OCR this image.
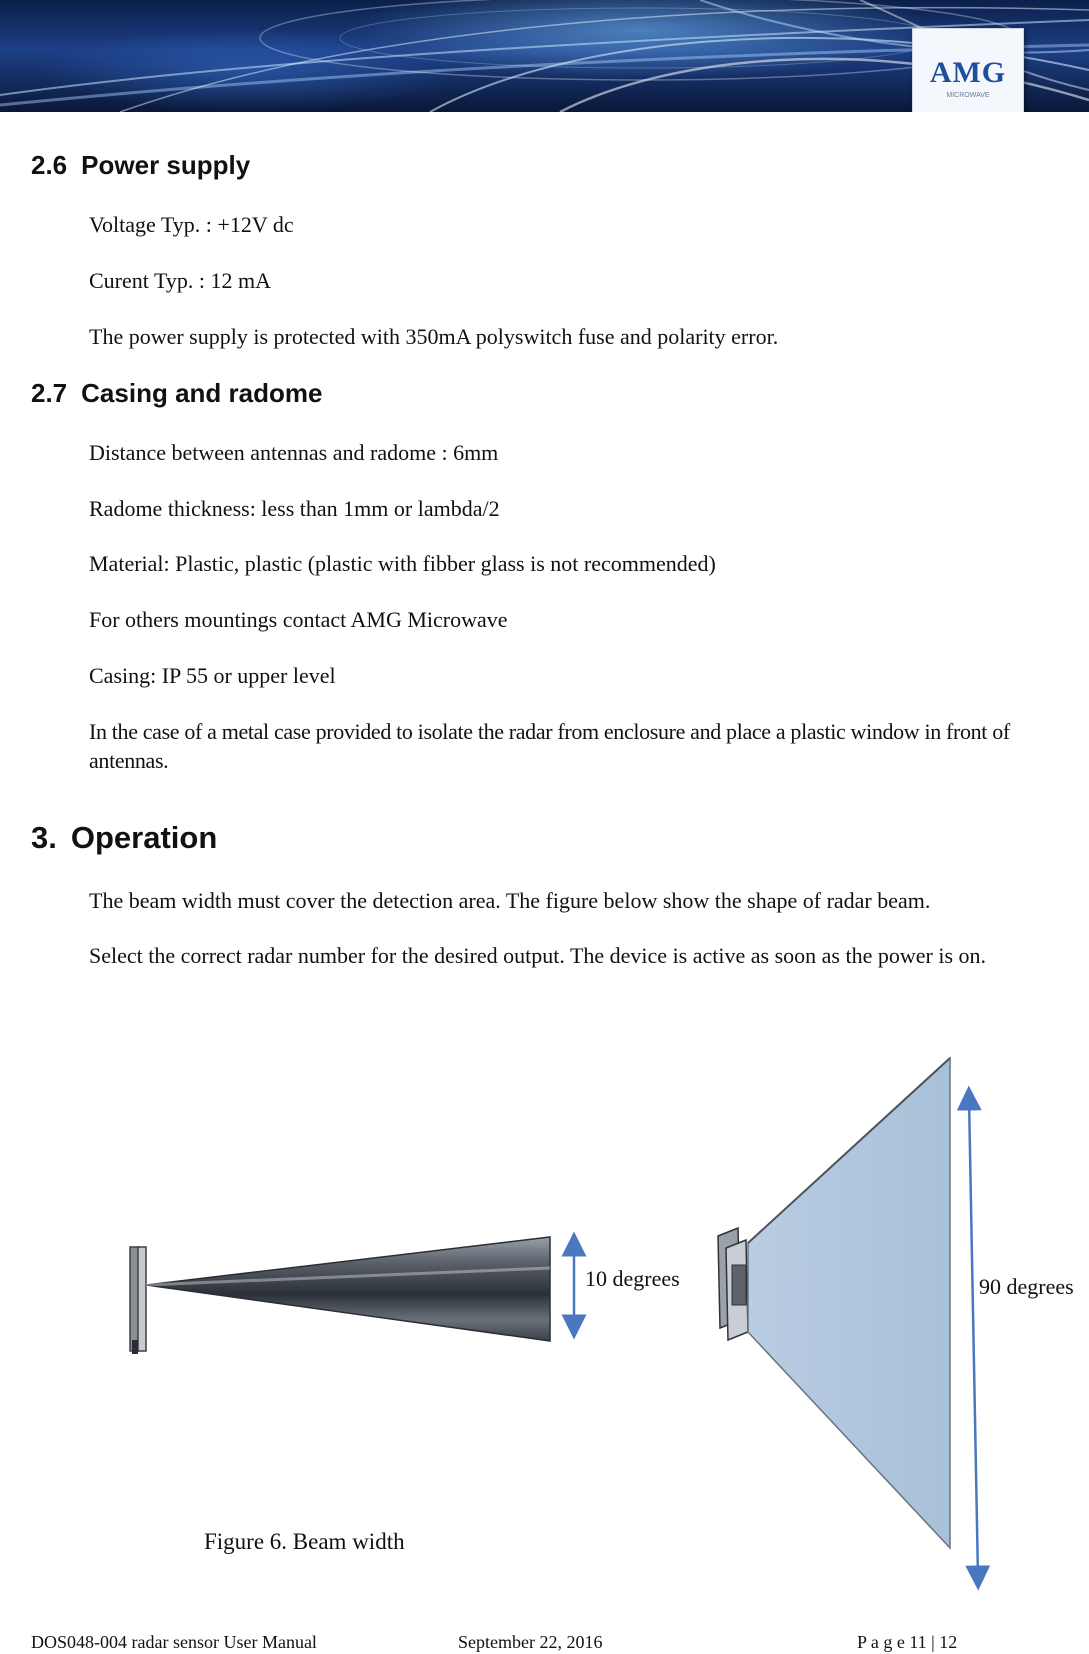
AMG
MICROWAVE
2.6 Power supply

Voltage Typ. : +12V dc

Curent Typ. : 12 mA

The power supply is protected with 350mA polyswitch fuse and polarity error.

2.7 Casing and radome

Distance between antennas and radome : 6mm

Radome thickness: less than 1mm or lambda/2

Material: Plastic, plastic (plastic with fibber glass is not recommended)

For others mountings contact AMG Microwave

Casing: IP 55 or upper level

In the case of a metal case provided to isolate the radar from enclosure and place a plastic window in front of antennas.

3. Operation

The beam width must cover the detection area. The figure below show the shape of radar beam.

Select the correct radar number for the desired output. The device is active as soon as the power is on.

10 degrees	90 degrees
Figure 6. Beam width
DOS048-004 radar sensor User Manual	September 22, 2016	P a g e 11 | 12
